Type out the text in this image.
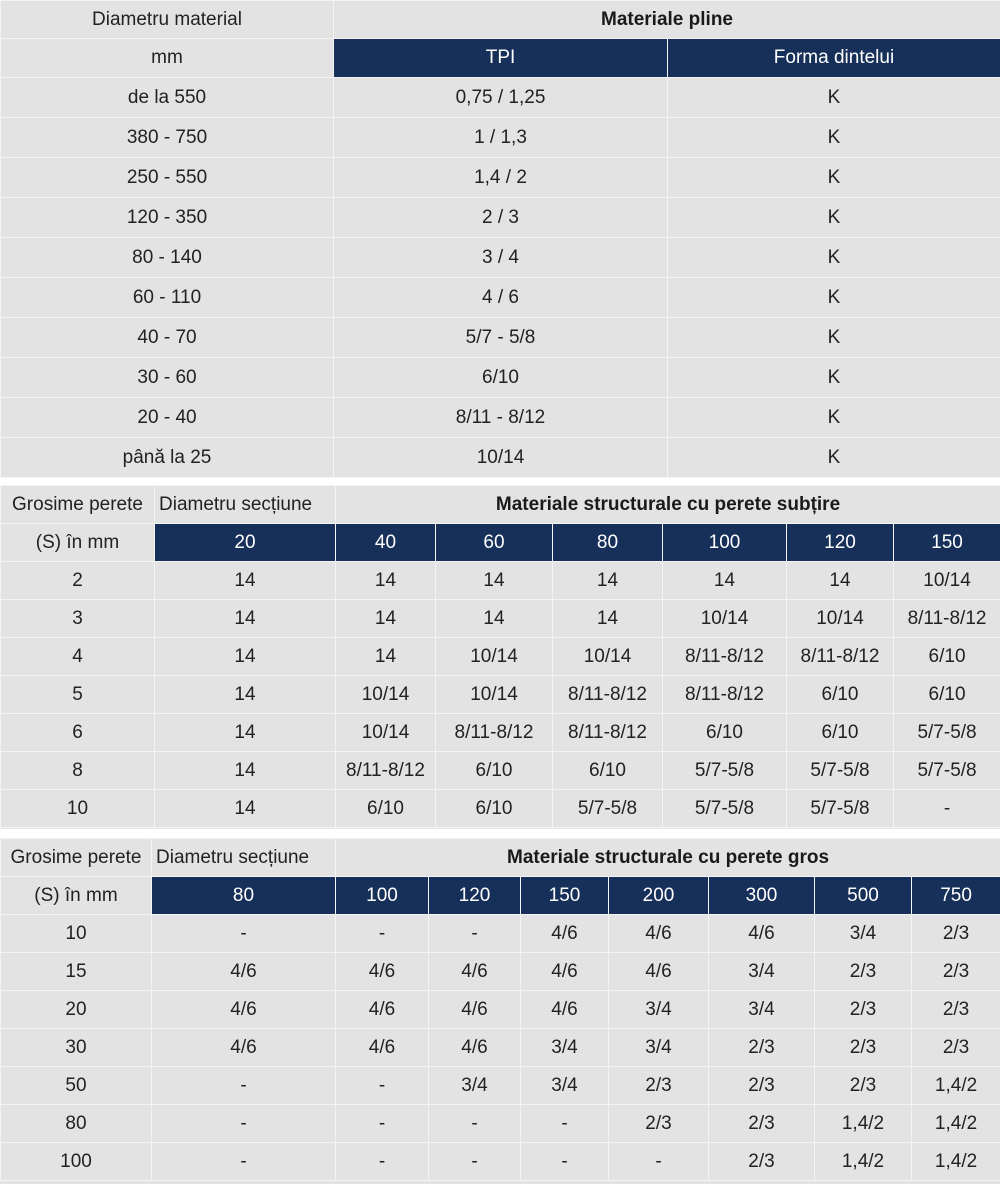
Diametru material	Materiale pline	
mm	TPI	Forma dintelui
de la 550	0,75 / 1,25	K
380 - 750	1 / 1,3	K
250 - 550	1,4 / 2	K
120 - 350	2 / 3	K
80 - 140	3 / 4	K
60 - 110	4 / 6	K
40 - 70	5/7 - 5/8	K
30 - 60	6/10	K
20 - 40	8/11 - 8/12	K
până la 25	10/14	K
Grosime perete	Diametru secțiune	Materiale structurale cu perete subțire					
(S) în mm	20	40	60	80	100	120	150
2	14	14	14	14	14	14	10/14
3	14	14	14	14	10/14	10/14	8/11-8/12
4	14	14	10/14	10/14	8/11-8/12	8/11-8/12	6/10
5	14	10/14	10/14	8/11-8/12	8/11-8/12	6/10	6/10
6	14	10/14	8/11-8/12	8/11-8/12	6/10	6/10	5/7-5/8
8	14	8/11-8/12	6/10	6/10	5/7-5/8	5/7-5/8	5/7-5/8
10	14	6/10	6/10	5/7-5/8	5/7-5/8	5/7-5/8	-
Grosime perete	Diametru secțiune	Materiale structurale cu perete gros						
(S) în mm	80	100	120	150	200	300	500	750
10	-	-	-	4/6	4/6	4/6	3/4	2/3
15	4/6	4/6	4/6	4/6	4/6	3/4	2/3	2/3
20	4/6	4/6	4/6	4/6	3/4	3/4	2/3	2/3
30	4/6	4/6	4/6	3/4	3/4	2/3	2/3	2/3
50	-	-	3/4	3/4	2/3	2/3	2/3	1,4/2
80	-	-	-	-	2/3	2/3	1,4/2	1,4/2
100	-	-	-	-	-	2/3	1,4/2	1,4/2
